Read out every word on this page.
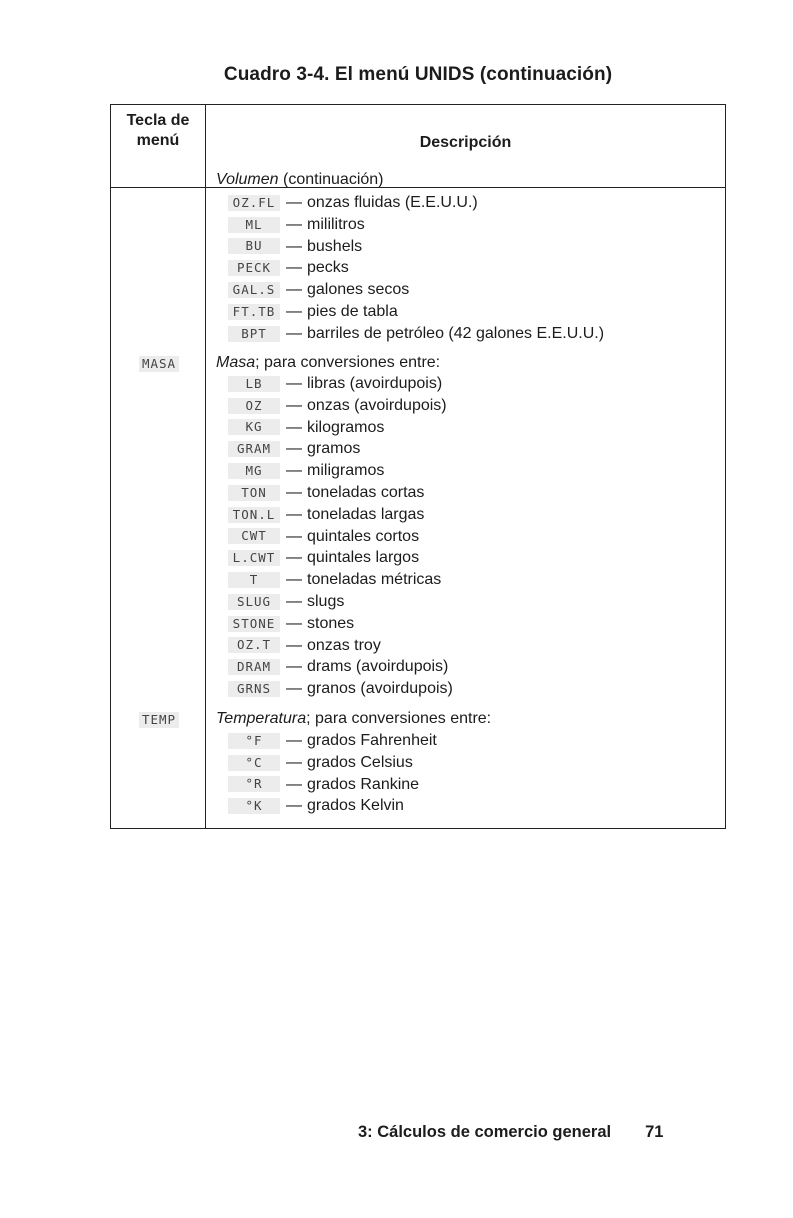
Cuadro 3-4. El menú UNIDS (continuación)
Tecla de
menú	Descripción
Volumen (continuación)
OZ.FL — onzas fluidas (E.E.U.U.)
ML — mililitros
BU — bushels
PECK — pecks
GAL.S — galones secos
FT.TB — pies de tabla
BPT — barriles de petróleo (42 galones E.E.U.U.)
MASA	Masa; para conversiones entre:
LB — libras (avoirdupois)
OZ — onzas (avoirdupois)
KG — kilogramos
GRAM — gramos
MG — miligramos
TON — toneladas cortas
TON.L — toneladas largas
CWT — quintales cortos
L.CWT — quintales largos
T — toneladas métricas
SLUG — slugs
STONE — stones
OZ.T — onzas troy
DRAM — drams (avoirdupois)
GRNS — granos (avoirdupois)
TEMP	Temperatura; para conversiones entre:
°F — grados Fahrenheit
°C — grados Celsius
°R — grados Rankine
°K — grados Kelvin
3: Cálculos de comercio general 71
